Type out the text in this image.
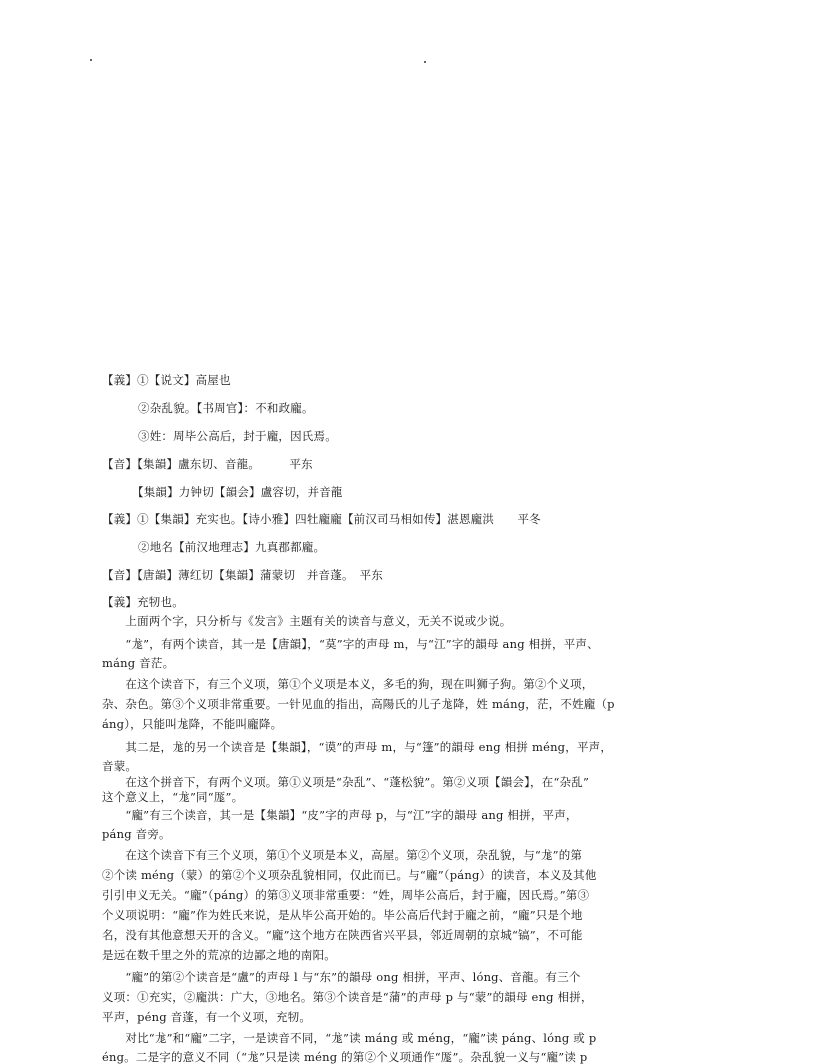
【義】①【说文】高屋也
②杂乱貌。【书周官】：不和政龐。
③姓：周毕公高后，封于龐，因氏焉。
【音】【集韻】盧东切、音龍。　　　平东
【集韻】力钟切【韻会】盧容切，并音龍
【義】①【集韻】充实也。【诗小雅】四牡龐龐【前汉司马相如传】湛恩龐洪　　平冬
②地名【前汉地理志】九真郡都龐。
【音】【唐韻】薄红切【集韻】蒲蒙切　并音蓬。　平东
【義】充牣也。
　　上面两个字，只分析与《发言》主题有关的读音与意义，无关不说或少说。
　　“尨”，有两个读音，其一是【唐韻】，“莫”字的声母 m，与“江”字的韻母 ang 相拼，平声、
máng 音茫。
　　在这个读音下，有三个义项，第①个义项是本义，多毛的狗，现在叫狮子狗。第②个义项，
杂、杂色。第③个义项非常重要。一针见血的指出，高陽氏的儿子尨降，姓 máng，茫，不姓龐（p
áng），只能叫尨降，不能叫龐降。
　　其二是，尨的另一个读音是【集韻】，“谟”的声母 m，与“篷”的韻母 eng 相拼 méng，平声，
音蒙。
　　在这个拼音下，有两个义项。第①义项是“杂乱”、“蓬松貌”。第②义项【韻会】，在“杂乱”
这个意义上，“尨”同“厖”。
　　“龐”有三个读音，其一是【集韻】“皮”字的声母 p，与“江”字的韻母 ang 相拼，平声，
páng 音旁。
　　在这个读音下有三个义项，第①个义项是本义，高屋。第②个义项，杂乱貌，与“尨”的第
②个读 méng（蒙）的第②个义项杂乱貌相同，仅此而已。与“龐”（páng）的读音，本义及其他
引引申义无关。“龐”（páng）的第③义项非常重要：“姓，周毕公高后，封于龐，因氏焉。”第③
个义项说明：“龐”作为姓氏来说，是从毕公高开始的。毕公高后代封于龐之前，“龐”只是个地
名，没有其他意想天开的含义。“龐”这个地方在陕西省兴平县，邻近周朝的京城“镐”，不可能
是远在数千里之外的荒凉的边鄙之地的南阳。
　　“龐”的第②个读音是“盧”的声母 l 与“东”的韻母 ong 相拼，平声、lóng、音龍。有三个
义项：①充实，②龐洪：广大，③地名。第③个读音是“蒲”的声母 p 与“蒙”的韻母 eng 相拼，
平声，péng 音蓬，有一个义项，充牣。
　　对比“尨”和“龐”二字，一是读音不同，“尨”读 máng 或 méng，“龐”读 páng、lóng 或 p
éng。二是字的意义不同（“尨”只是读 méng 的第②个义项通作“厖”。杂乱貌一义与“龐”读 p
